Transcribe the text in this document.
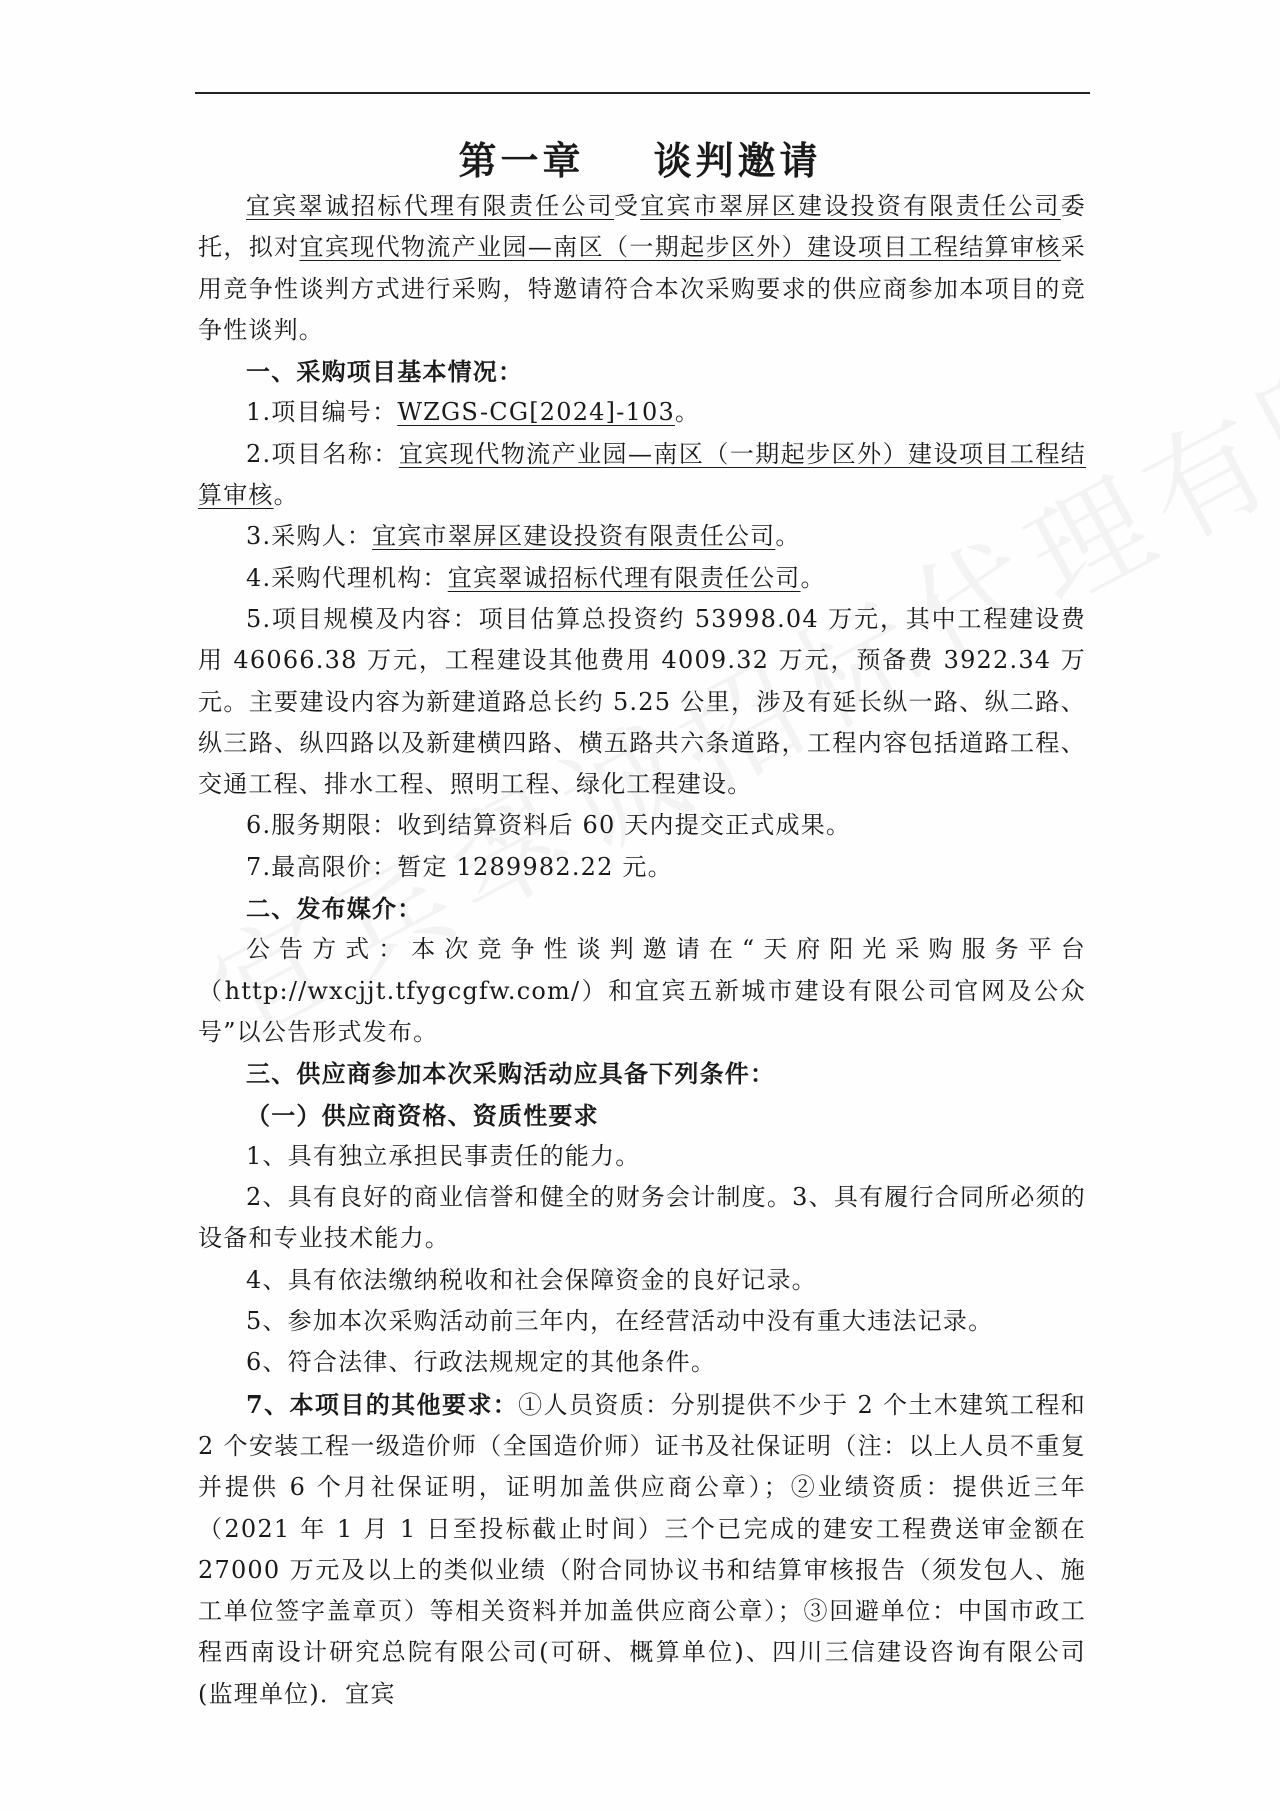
第一章    谈判邀请

宜宾翠诚招标代理有限责任公司受宜宾市翠屏区建设投资有限责任公司委托，拟对宜宾现代物流产业园—南区（一期起步区外）建设项目工程结算审核采用竞争性谈判方式进行采购，特邀请符合本次采购要求的供应商参加本项目的竞争性谈判。

一、采购项目基本情况：

1.项目编号：WZGS-CG[2024]-103。

2.项目名称：宜宾现代物流产业园—南区（一期起步区外）建设项目工程结算审核。

3.采购人：宜宾市翠屏区建设投资有限责任公司。

4.采购代理机构：宜宾翠诚招标代理有限责任公司。

5.项目规模及内容：项目估算总投资约 53998.04 万元，其中工程建设费用 46066.38 万元，工程建设其他费用 4009.32 万元，预备费 3922.34 万元。主要建设内容为新建道路总长约 5.25 公里，涉及有延长纵一路、纵二路、纵三路、纵四路以及新建横四路、横五路共六条道路，工程内容包括道路工程、交通工程、排水工程、照明工程、绿化工程建设。

6.服务期限：收到结算资料后 60 天内提交正式成果。

7.最高限价：暂定 1289982.22 元。

二、发布媒介：

公告方式：本次竞争性谈判邀请在“天府阳光采购服务平台（http://wxcjjt.tfygcgfw.com/）和宜宾五新城市建设有限公司官网及公众号”以公告形式发布。

三、供应商参加本次采购活动应具备下列条件：

（一）供应商资格、资质性要求

1、具有独立承担民事责任的能力。

2、具有良好的商业信誉和健全的财务会计制度。3、具有履行合同所必须的设备和专业技术能力。

4、具有依法缴纳税收和社会保障资金的良好记录。

5、参加本次采购活动前三年内，在经营活动中没有重大违法记录。

6、符合法律、行政法规规定的其他条件。

7、本项目的其他要求：①人员资质：分别提供不少于 2 个土木建筑工程和 2 个安装工程一级造价师（全国造价师）证书及社保证明（注：以上人员不重复并提供 6 个月社保证明，证明加盖供应商公章）；②业绩资质：提供近三年（2021 年 1 月 1 日至投标截止时间）三个已完成的建安工程费送审金额在 27000 万元及以上的类似业绩（附合同协议书和结算审核报告（须发包人、施工单位签字盖章页）等相关资料并加盖供应商公章）；③回避单位：中国市政工程西南设计研究总院有限公司(可研、概算单位)、四川三信建设咨询有限公司(监理单位)．宜宾
